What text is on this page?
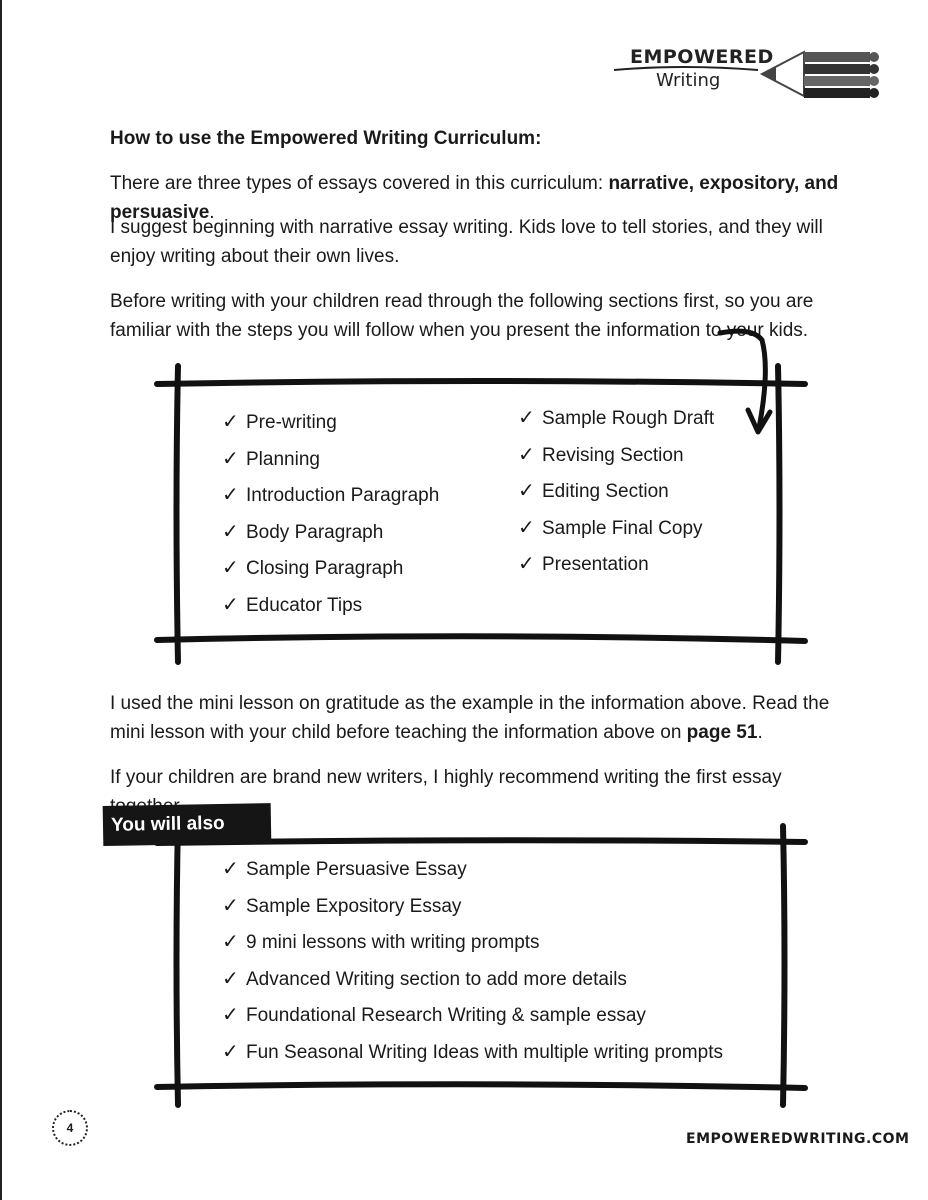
EMPOWERED
Writing
How to use the Empowered Writing Curriculum:
There are three types of essays covered in this curriculum: narrative, expository, and persuasive.
I suggest beginning with narrative essay writing. Kids love to tell stories, and they will enjoy writing about their own lives.
Before writing with your children read through the following sections first, so you are familiar with the steps you will follow when you present the information to your kids.
✓ Pre-writing
✓ Planning
✓ Introduction Paragraph
✓ Body Paragraph
✓ Closing Paragraph
✓ Educator Tips
✓ Sample Rough Draft
✓ Revising Section
✓ Editing Section
✓ Sample Final Copy
✓ Presentation
I used the mini lesson on gratitude as the example in the information above. Read the mini lesson with your child before teaching the information above on page 51.
If your children are brand new writers, I highly recommend writing the first essay
You will also find:	✓ Sample Persuasive Essay
✓ Sample Expository Essay
✓ 9 mini lessons with writing prompts
✓ Advanced Writing section to add more details
✓ Foundational Research Writing & sample essay
✓ Fun Seasonal Writing Ideas with multiple writing prompts
4
EMPOWEREDWRITING.COM
